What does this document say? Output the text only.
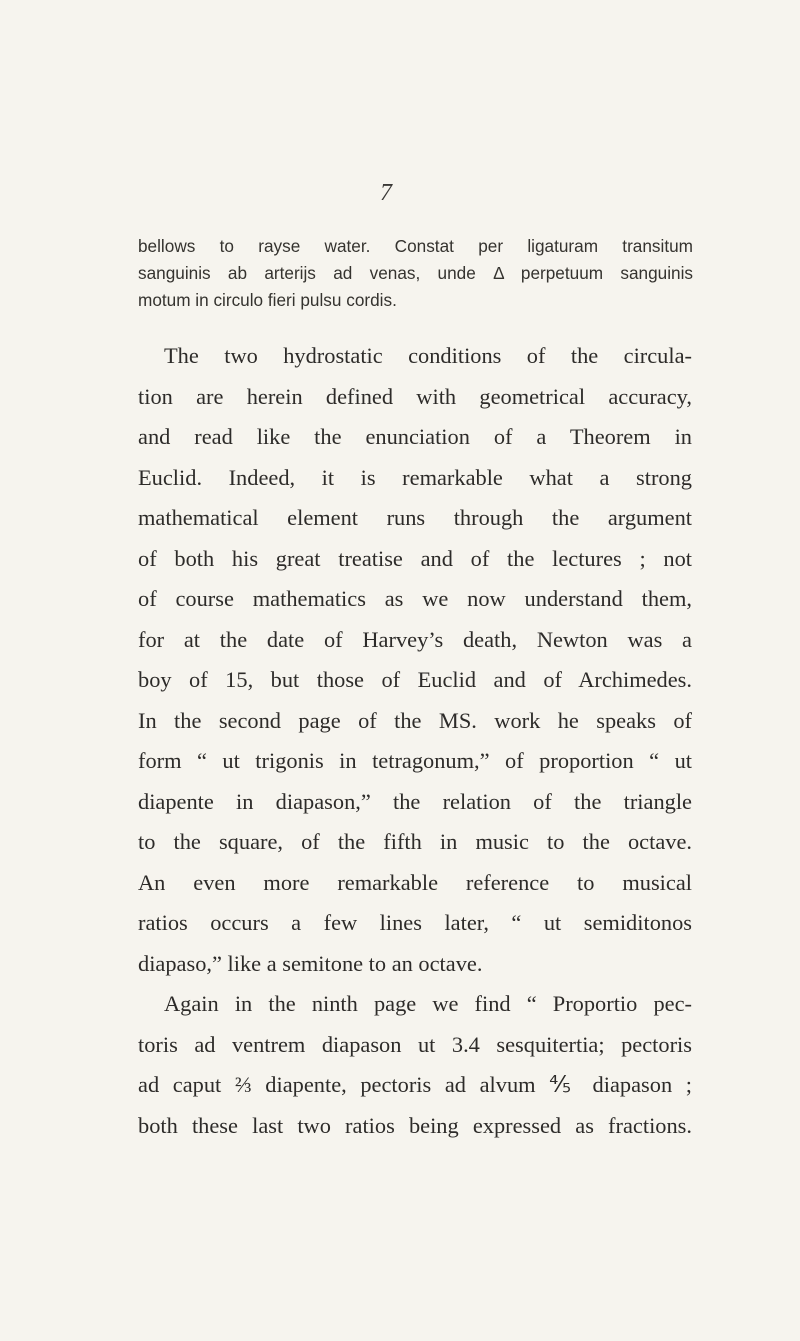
7
bellows to rayse water. Constat per ligaturam transitum
sanguinis ab arterijs ad venas, unde Δ perpetuum sanguinis
motum in circulo fieri pulsu cordis.
The two hydrostatic conditions of the circula-
tion are herein defined with geometrical accuracy,
and read like the enunciation of a Theorem in
Euclid. Indeed, it is remarkable what a strong
mathematical element runs through the argument
of both his great treatise and of the lectures ; not
of course mathematics as we now understand them,
for at the date of Harvey’s death, Newton was a
boy of 15, but those of Euclid and of Archimedes.
In the second page of the MS. work he speaks of
form “ ut trigonis in tetragonum,” of proportion “ ut
diapente in diapason,” the relation of the triangle
to the square, of the fifth in music to the octave.
An even more remarkable reference to musical
ratios occurs a few lines later, “ ut semiditonos
diapaso,” like a semitone to an octave.
Again in the ninth page we find “ Proportio pec-
toris ad ventrem diapason ut 3.4 sesquitertia; pectoris
ad caput ⅔ diapente, pectoris ad alvum ⅘ diapason ;
both these last two ratios being expressed as fractions.
